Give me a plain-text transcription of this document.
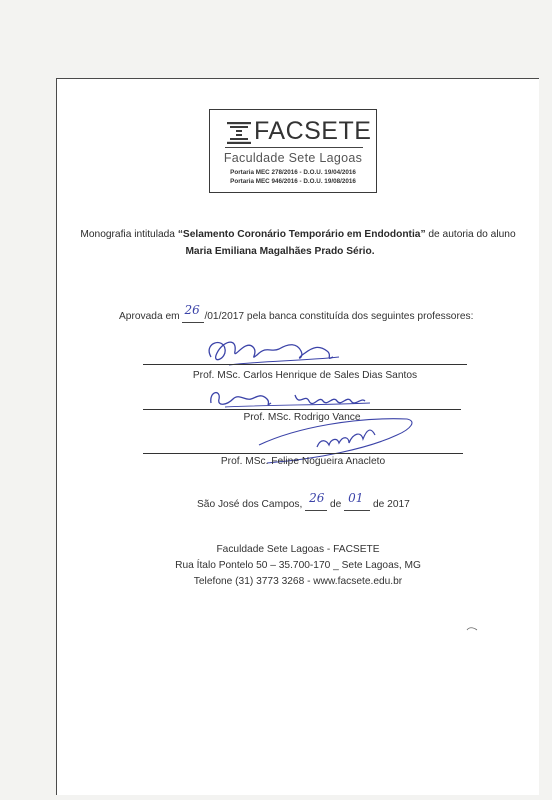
FACSETE
Faculdade Sete Lagoas
Portaria MEC 278/2016 - D.O.U. 19/04/2016
Portaria MEC 946/2016 - D.O.U. 19/08/2016
Monografia intitulada “Selamento Coronário Temporário em Endodontia” de autoria do aluno
Maria Emiliana Magalhães Prado Sério.
Aprovada em 26 /01/2017 pela banca constituída dos seguintes professores:
Prof. MSc. Carlos Henrique de Sales Dias Santos
Prof. MSc. Rodrigo Vance
Prof. MSc. Felipe Nogueira Anacleto
São José dos Campos, 26 de 01 de 2017
Faculdade Sete Lagoas - FACSETE
Rua Ítalo Pontelo 50 – 35.700-170 _ Sete Lagoas, MG
Telefone (31) 3773 3268 - www.facsete.edu.br
